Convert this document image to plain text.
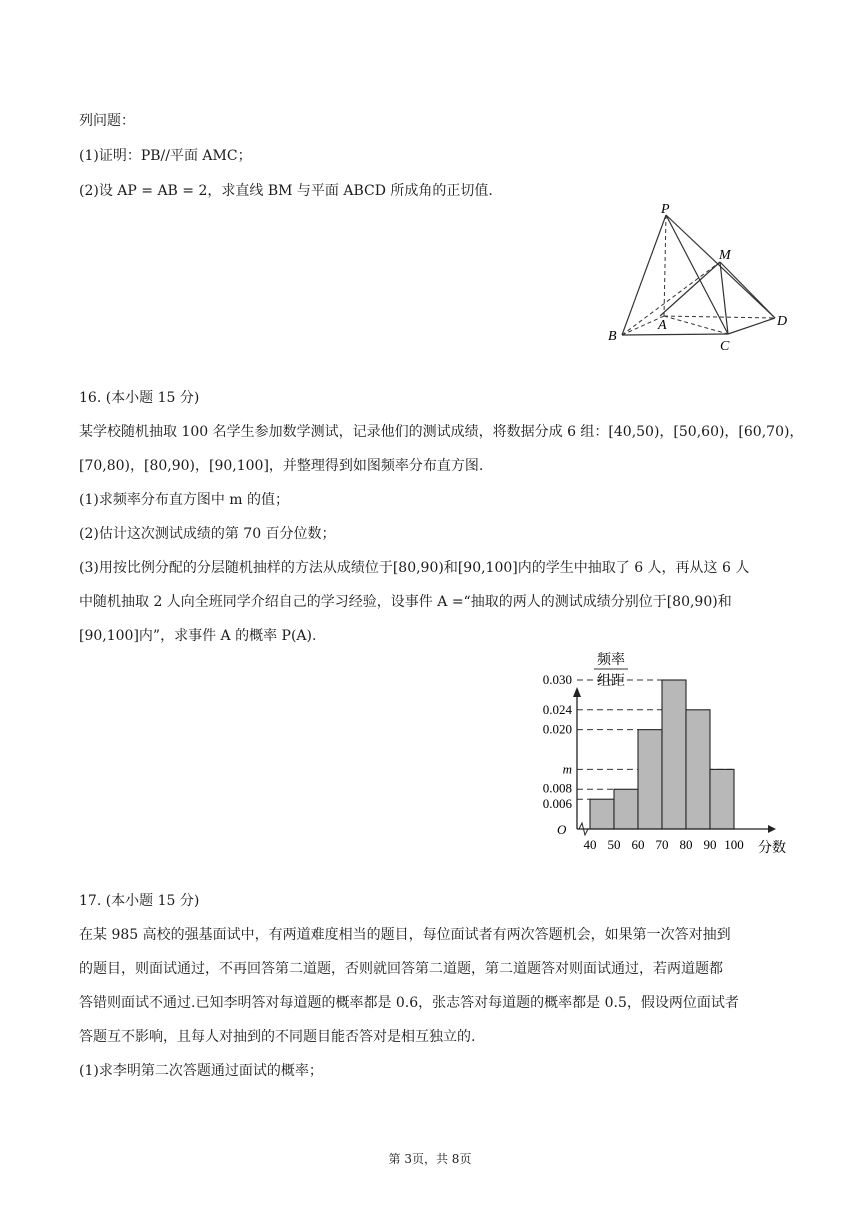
列问题：
(1)证明：PB//平面 AMC；
(2)设 AP = AB = 2，求直线 BM 与平面 ABCD 所成角的正切值.
P
M
A
B
C
D
16. (本小题 15 分)
某学校随机抽取 100 名学生参加数学测试，记录他们的测试成绩，将数据分成 6 组：[40,50)，[50,60)，[60,70)，
[70,80)，[80,90)，[90,100]，并整理得到如图频率分布直方图.
(1)求频率分布直方图中 m 的值；
(2)估计这次测试成绩的第 70 百分位数；
(3)用按比例分配的分层随机抽样的方法从成绩位于[80,90)和[90,100]内的学生中抽取了 6 人，再从这 6 人
中随机抽取 2 人向全班同学介绍自己的学习经验，设事件 A =“抽取的两人的测试成绩分别位于[80,90)和
[90,100]内”，求事件 A 的概率 P(A).
频率
组距
O
0.030
0.024
0.020
m
0.008
0.006
40 50 60 70 80 90 100 分数
17. (本小题 15 分)
在某 985 高校的强基面试中，有两道难度相当的题目，每位面试者有两次答题机会，如果第一次答对抽到
的题目，则面试通过，不再回答第二道题，否则就回答第二道题，第二道题答对则面试通过，若两道题都
答错则面试不通过.已知李明答对每道题的概率都是 0.6，张志答对每道题的概率都是 0.5，假设两位面试者
答题互不影响，且每人对抽到的不同题目能否答对是相互独立的.
(1)求李明第二次答题通过面试的概率；
第 3页，共 8页
